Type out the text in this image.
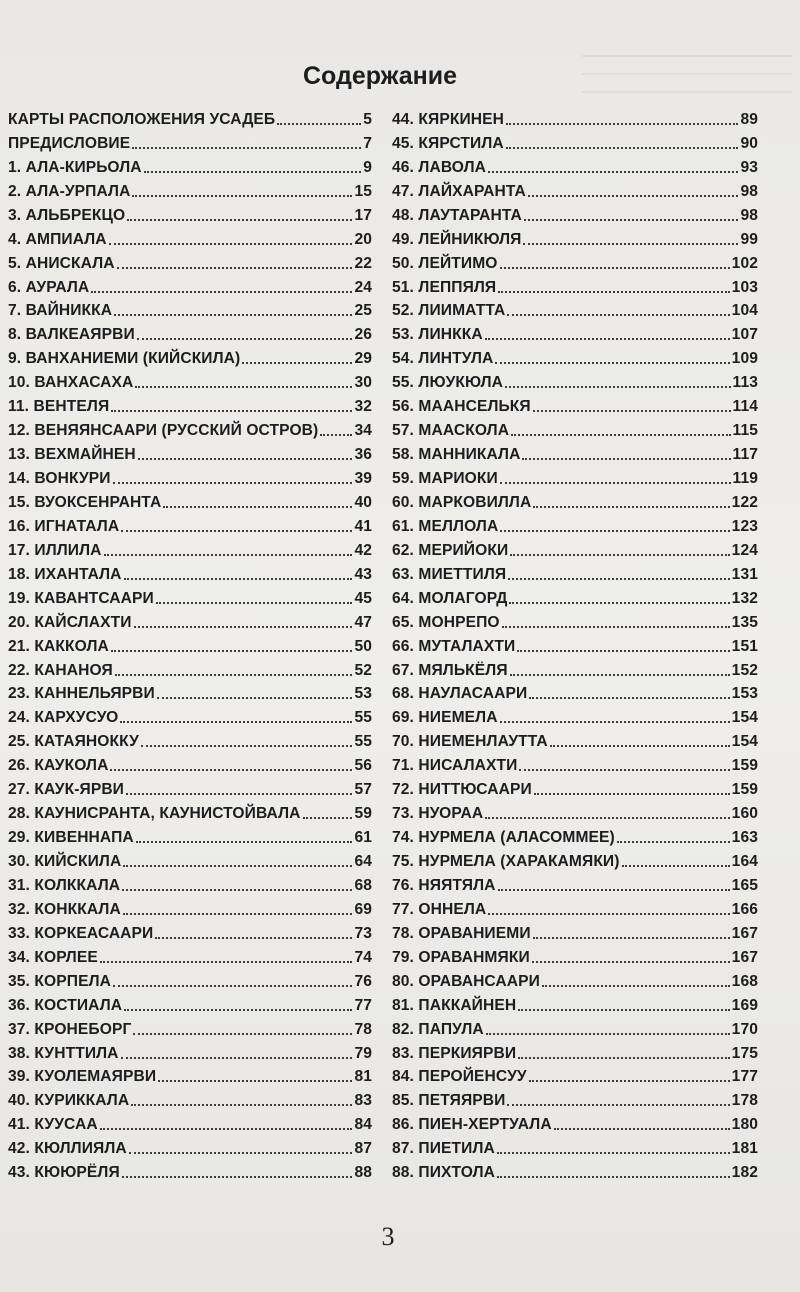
Содержание
КАРТЫ РАСПОЛОЖЕНИЯ УСАДЕБ	5
ПРЕДИСЛОВИЕ	7
1. АЛА-КИРЬОЛА	9
2. АЛА-УРПАЛА	15
3. АЛЬБРЕКЦО	17
4. АМПИАЛА	20
5. АНИСКАЛА	22
6. АУРАЛА	24
7. ВАЙНИККА	25
8. ВАЛКЕАЯРВИ	26
9. ВАНХАНИЕМИ (КИЙСКИЛА)	29
10. ВАНХАСАХА	30
11. ВЕНТЕЛЯ	32
12. ВЕНЯЯНСААРИ (РУССКИЙ ОСТРОВ) 34
13. ВЕХМАЙНЕН	36
14. ВОНКУРИ	39
15. ВУОКСЕНРАНТА	40
16. ИГНАТАЛА	41
17. ИЛЛИЛА	42
18. ИХАНТАЛА	43
19. КАВАНТСААРИ	45
20. КАЙСЛАХТИ	47
21. КАККОЛА	50
22. КАНАНОЯ	52
23. КАННЕЛЬЯРВИ	53
24. КАРХУСУО	55
25. КАТАЯНОККУ	55
26. КАУКОЛА	56
27. КАУК-ЯРВИ	57
28. КАУНИСРАНТА, КАУНИСТОЙВАЛА	59
29. КИВЕННАПА	61
30. КИЙСКИЛА	64
31. КОЛККАЛА	68
32. КОНККАЛА	69
33. КОРКЕАСААРИ	73
34. КОРЛЕЕ	74
35. КОРПЕЛА	76
36. КОСТИАЛА	77
37. КРОНЕБОРГ	78
38. КУНТТИЛА	79
39. КУОЛЕМАЯРВИ	81
40. КУРИККАЛА	83
41. КУУСАА	84
42. КЮЛЛИЯЛА	87
43. КЮЮРЁЛЯ	88
44. КЯРКИНЕН	89
45. КЯРСТИЛА	90
46. ЛАВОЛА	93
47. ЛАЙХАРАНТА	98
48. ЛАУТАРАНТА	98
49. ЛЕЙНИКЮЛЯ	99
50. ЛЕЙТИМО	102
51. ЛЕППЯЛЯ	103
52. ЛИИМАТТА	104
53. ЛИНККА	107
54. ЛИНТУЛА	109
55. ЛЮУКЮЛА	113
56. МААНСЕЛЬКЯ	114
57. МААСКОЛА	115
58. МАННИКАЛА	117
59. МАРИОКИ	119
60. МАРКОВИЛЛА	122
61. МЕЛЛОЛА	123
62. МЕРИЙОКИ	124
63. МИЕТТИЛЯ	131
64. МОЛАГОРД	132
65. МОНРЕПО	135
66. МУТАЛАХТИ	151
67. МЯЛЬКЁЛЯ	152
68. НАУЛАСААРИ	153
69. НИЕМЕЛА	154
70. НИЕМЕНЛАУТТА	154
71. НИСАЛАХТИ	159
72. НИТТЮСААРИ	159
73. НУОРАА	160
74. НУРМЕЛА (АЛАСОММЕЕ)	163
75. НУРМЕЛА (ХАРАКАМЯКИ)	164
76. НЯЯТЯЛА	165
77. ОННЕЛА	166
78. ОРАВАНИЕМИ	167
79. ОРАВАНМЯКИ	167
80. ОРАВАНСААРИ	168
81. ПАККАЙНЕН	169
82. ПАПУЛА	170
83. ПЕРКИЯРВИ	175
84. ПЕРОЙЕНСУУ	177
85. ПЕТЯЯРВИ	178
86. ПИЕН-ХЕРТУАЛА	180
87. ПИЕТИЛА	181
88. ПИХТОЛА	182
3
